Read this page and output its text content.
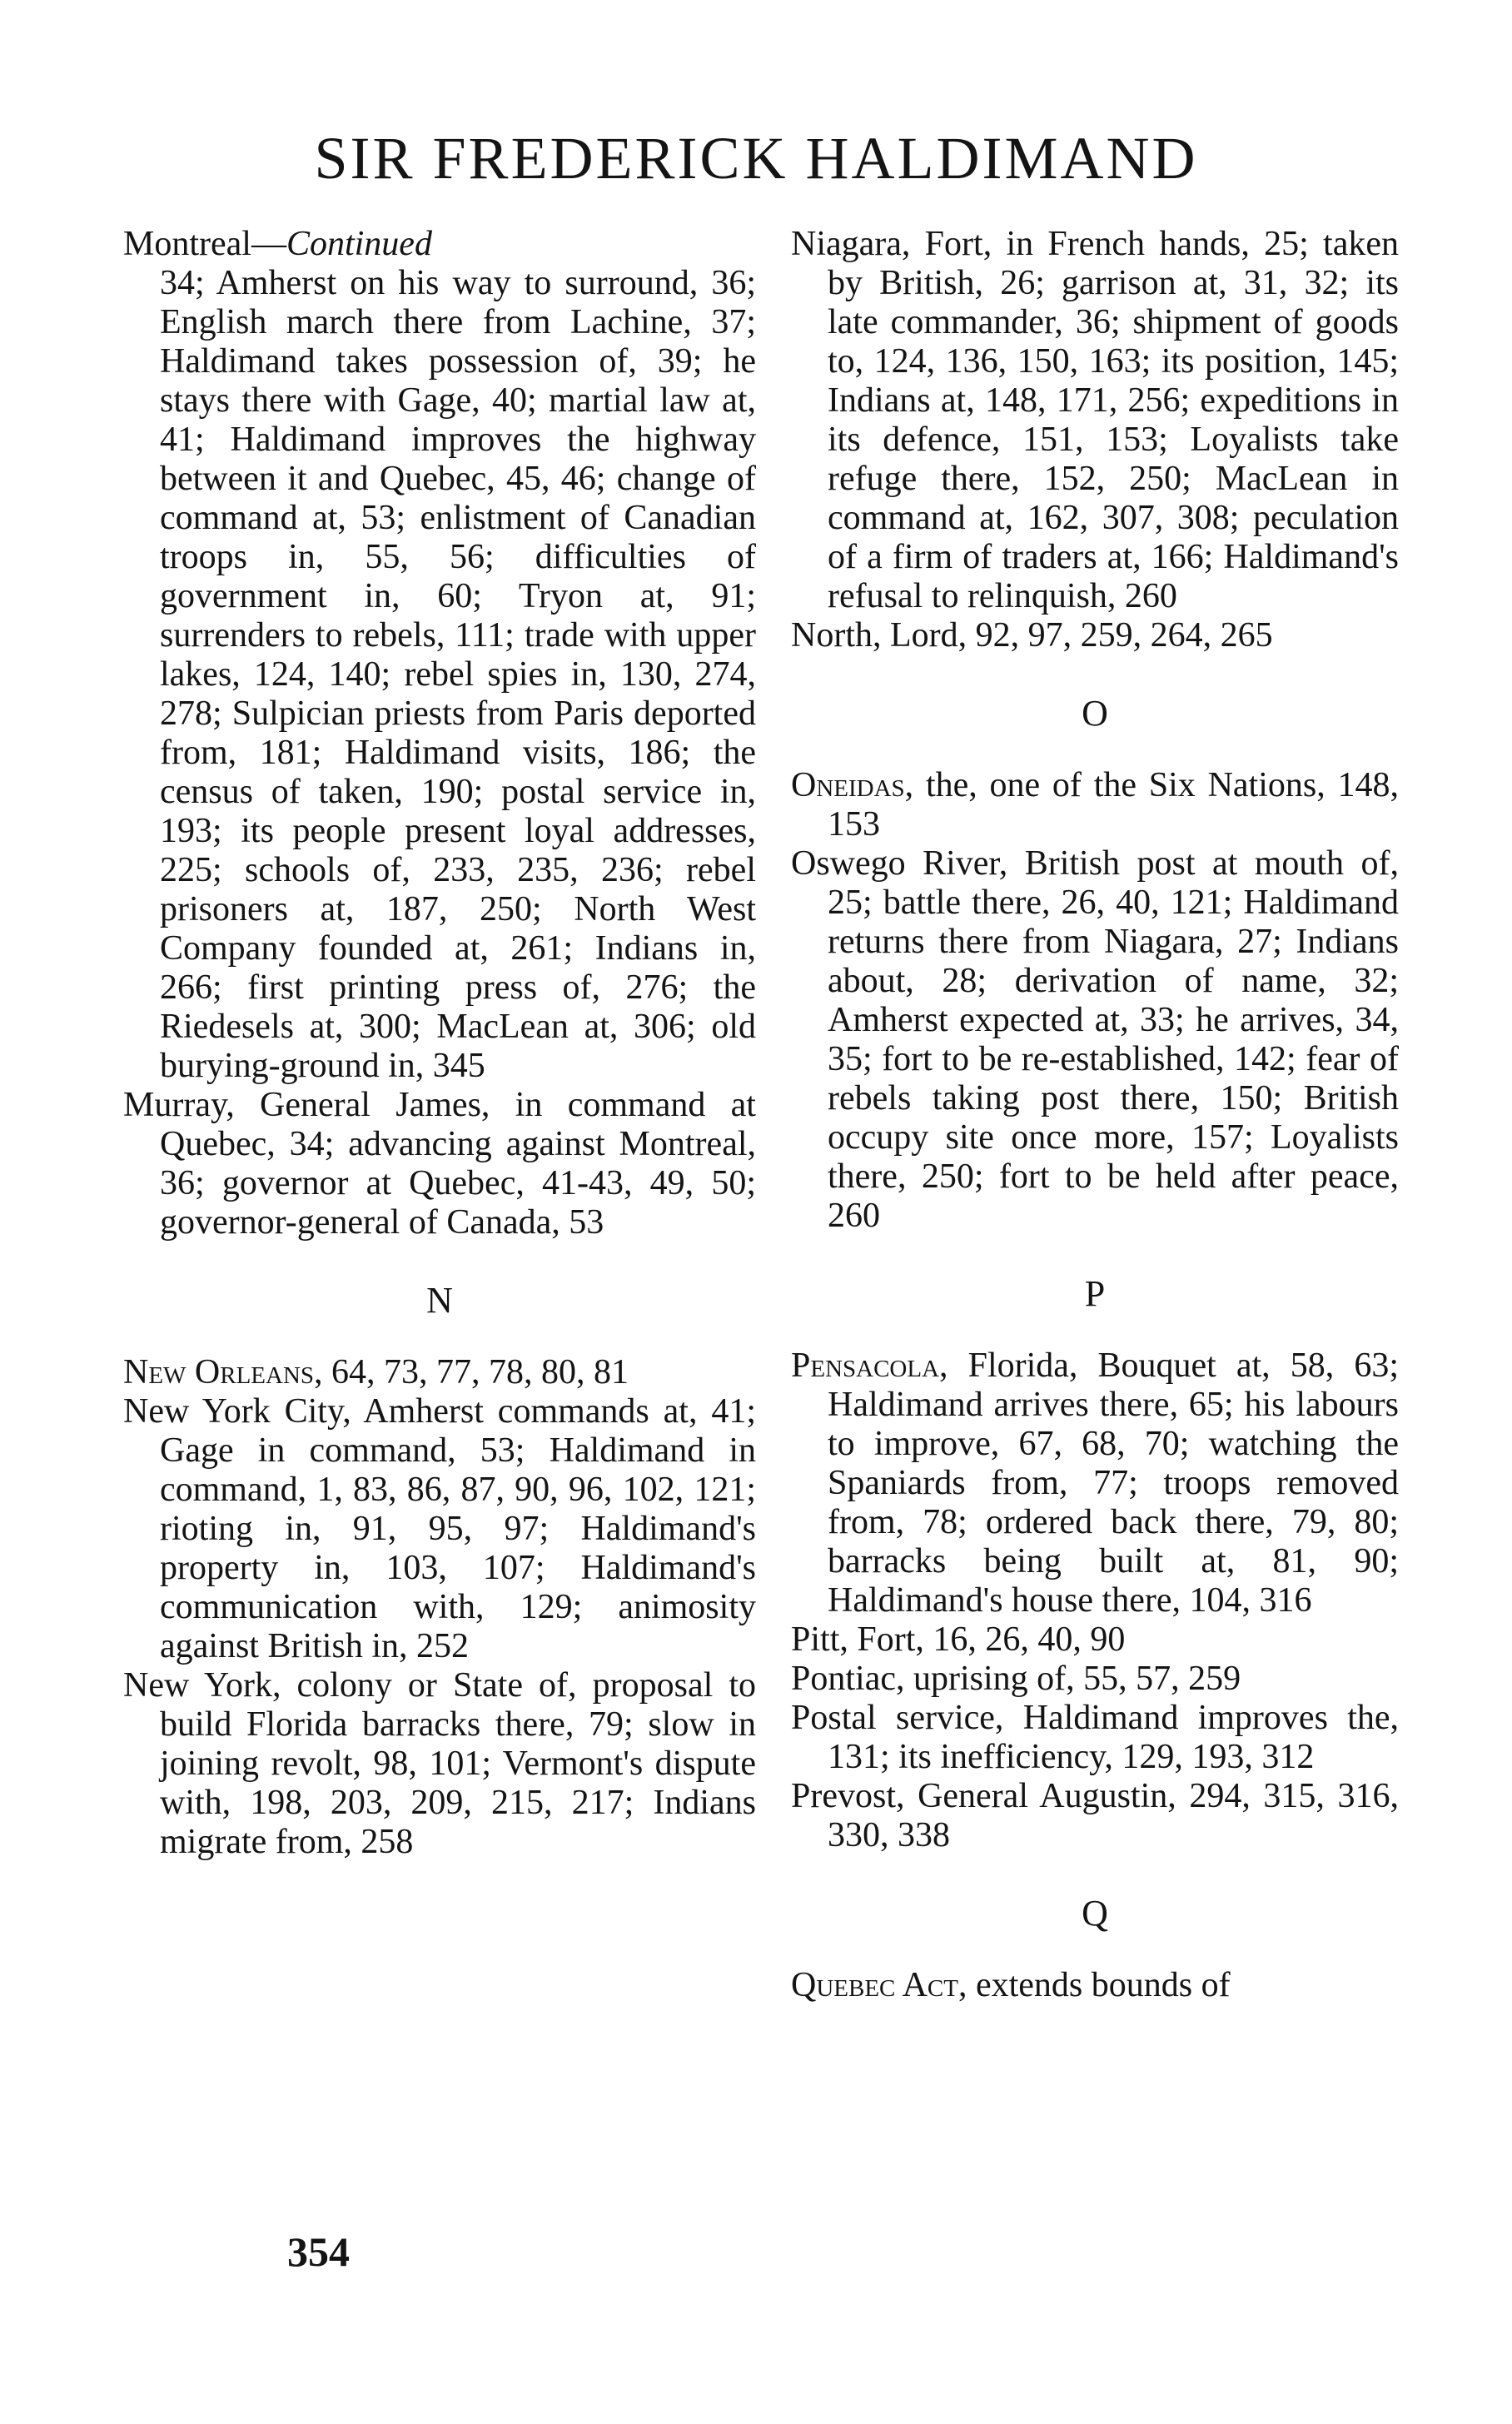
SIR FREDERICK HALDIMAND

Montreal—Continued
34; Amherst on his way to surround, 36; English march there from Lachine, 37; Haldimand takes possession of, 39; he stays there with Gage, 40; martial law at, 41; Haldimand improves the highway between it and Quebec, 45, 46; change of command at, 53; enlistment of Canadian troops in, 55, 56; difficulties of government in, 60; Tryon at, 91; surrenders to rebels, 111; trade with upper lakes, 124, 140; rebel spies in, 130, 274, 278; Sulpician priests from Paris deported from, 181; Haldimand visits, 186; the census of taken, 190; postal service in, 193; its people present loyal addresses, 225; schools of, 233, 235, 236; rebel prisoners at, 187, 250; North West Company founded at, 261; Indians in, 266; first printing press of, 276; the Riedesels at, 300; MacLean at, 306; old burying-ground in, 345

Murray, General James, in command at Quebec, 34; advancing against Montreal, 36; governor at Quebec, 41-43, 49, 50; governor-general of Canada, 53

N

New Orleans, 64, 73, 77, 78, 80, 81

New York City, Amherst commands at, 41; Gage in command, 53; Haldimand in command, 1, 83, 86, 87, 90, 96, 102, 121; rioting in, 91, 95, 97; Haldimand's property in, 103, 107; Haldimand's communication with, 129; animosity against British in, 252

New York, colony or State of, proposal to build Florida barracks there, 79; slow in joining revolt, 98, 101; Vermont's dispute with, 198, 203, 209, 215, 217; Indians migrate from, 258

Niagara, Fort, in French hands, 25; taken by British, 26; garrison at, 31, 32; its late commander, 36; shipment of goods to, 124, 136, 150, 163; its position, 145; Indians at, 148, 171, 256; expeditions in its defence, 151, 153; Loyalists take refuge there, 152, 250; MacLean in command at, 162, 307, 308; peculation of a firm of traders at, 166; Haldimand's refusal to relinquish, 260

North, Lord, 92, 97, 259, 264, 265

O

Oneidas, the, one of the Six Nations, 148, 153

Oswego River, British post at mouth of, 25; battle there, 26, 40, 121; Haldimand returns there from Niagara, 27; Indians about, 28; derivation of name, 32; Amherst expected at, 33; he arrives, 34, 35; fort to be re-established, 142; fear of rebels taking post there, 150; British occupy site once more, 157; Loyalists there, 250; fort to be held after peace, 260

P

Pensacola, Florida, Bouquet at, 58, 63; Haldimand arrives there, 65; his labours to improve, 67, 68, 70; watching the Spaniards from, 77; troops removed from, 78; ordered back there, 79, 80; barracks being built at, 81, 90; Haldimand's house there, 104, 316

Pitt, Fort, 16, 26, 40, 90

Pontiac, uprising of, 55, 57, 259

Postal service, Haldimand improves the, 131; its inefficiency, 129, 193, 312

Prevost, General Augustin, 294, 315, 316, 330, 338

Q

Quebec Act, extends bounds of

354
